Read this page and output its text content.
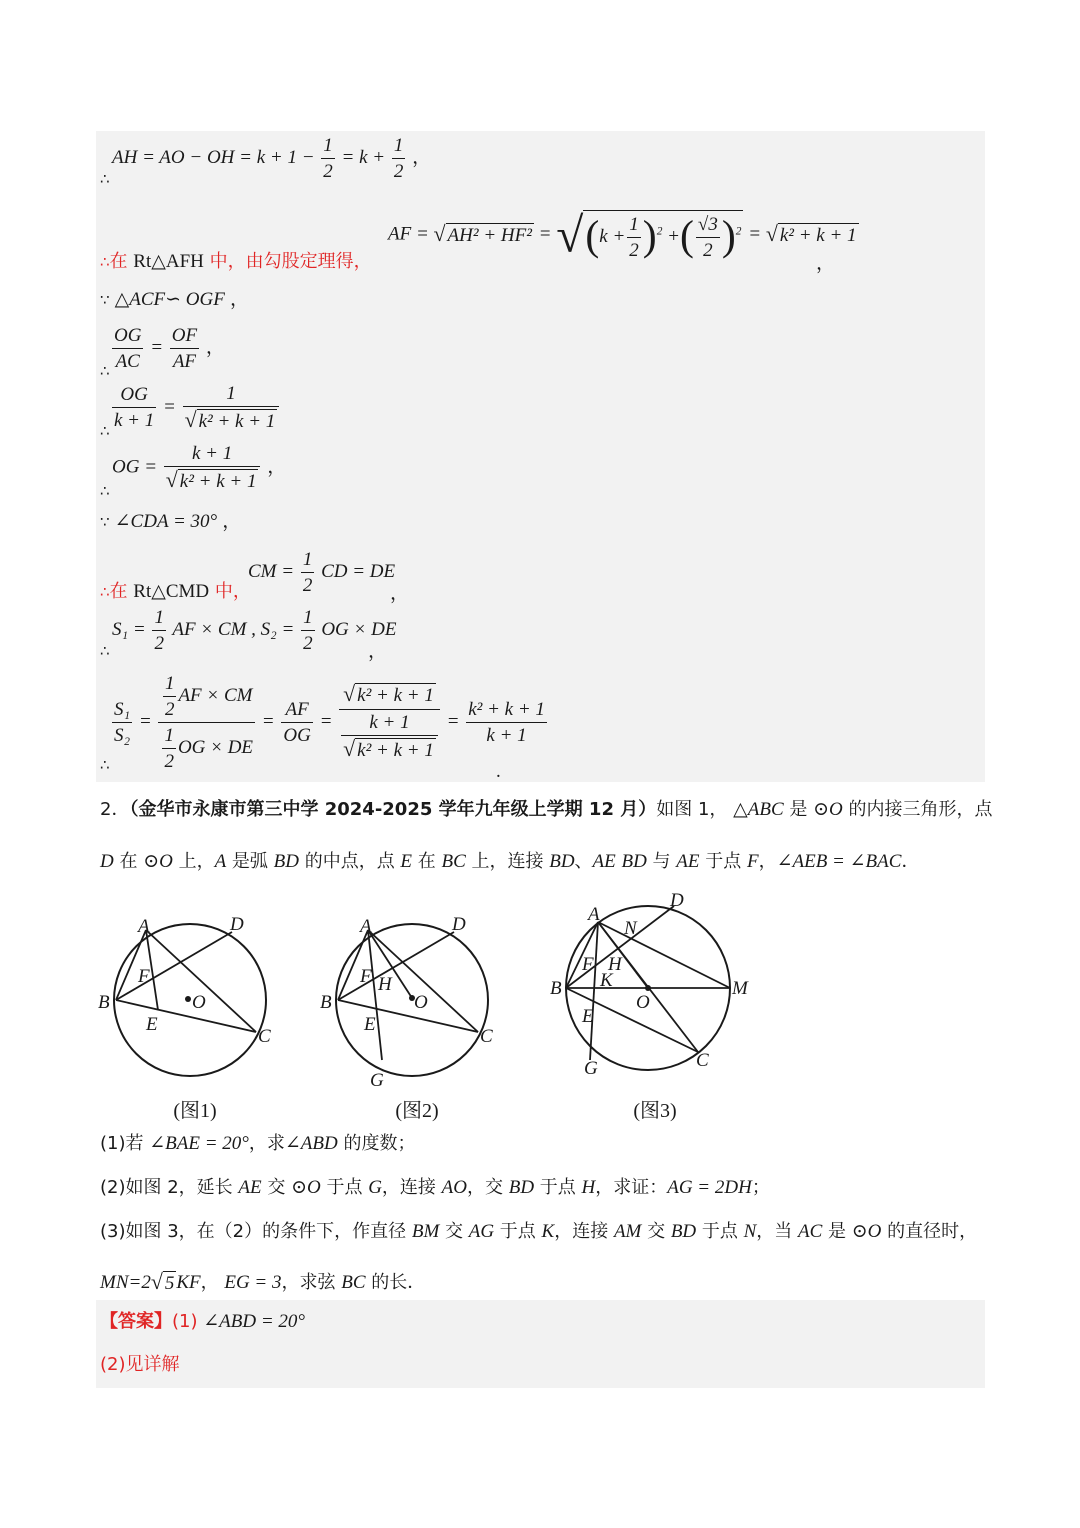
∴
AH = AO − OH = $k + 1 - \frac{1}{2} = k + \frac{1}{2}$ ，
∴在 Rt△AFH 中，由勾股定理得，
AF = √ $AH^2 + HF^2 = √(k + \frac{1}{2} )^2$ +( $\frac{√3}{2} )^2$ = √ k² + k + 1
，
∵ △ACF∽ OGF ，
∴ $\frac{OG}{AC} = \frac{OF}{AF}$ ，
∴
$\frac{OG}{k + 1} = \frac{1}{\text{√ k² + k + 1}}$
∴
OG = $\frac{k + 1}{\text{√ k² + k + 1}}$ ，
∵ ∠CDA = 30° ，
∴在 Rt△CMD 中，
CM = $\frac{1}{2}$ CD = DE
，
∴
$S_1 = \frac{1}{2}$ AF × CM , $S_2 = \frac{1}{2}$ OG × DE
，
∴
$\frac{\text{S₁}}{\text{S₂}} = \frac{\frac{1}{2} AF \times CM}{\frac{1}{2} OG \times DE} = \frac{AF}{OG} = \frac{\text{√ k² + k + 1}}{\frac{k + 1}{\text{√ k² + k + 1}}} = \frac{\text{k² + k + 1}}{k + 1}$
.
2．（金华市永康市第三中学 2024-2025 学年九年级上学期 12 月）如图 1， △ABC 是 ⊙O 的内接三角形，点
D 在 ⊙O 上，A 是弧 BD 的中点，点 E 在 BC 上，连接 BD、AE BD 与 AE 于点 F，∠AEB = ∠BAC．
A	D
F
B	O
E
C
(图1)
A	D
F H
B	O
E
C
G
(图2)
A
D
N
F H
K
B
O
M
E
G	C
(图3)
(1)若 ∠BAE = 20°，求∠ABD 的度数；
(2)如图 2，延长 AE 交 ⊙O 于点 G，连接 AO，交 BD 于点 H，求证：AG = 2DH；
(3)如图 3，在（2）的条件下，作直径 BM 交 AG 于点 K，连接 AM 交 BD 于点 N，当 AC 是 ⊙O 的直径时，
MN=2√ 5 KF， EG = 3，求弦 BC 的长．
【答案】(1) ∠ABD = 20°
(2)见详解
